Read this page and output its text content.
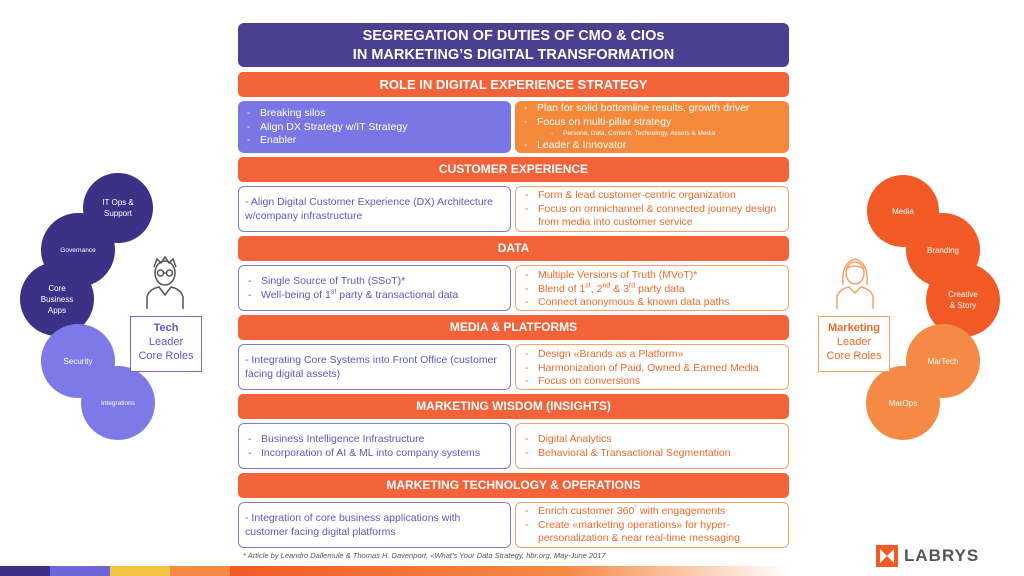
SEGREGATION OF DUTIES OF CMO & CIOs
IN MARKETING’S DIGITAL TRANSFORMATION
ROLE IN DIGITAL EXPERIENCE STRATEGY
- Breaking silos
- Align DX Strategy w/IT Strategy
- Enabler
- Plan for solid bottomline results, growth driver
- Focus on multi-pillar strategy
- Persona, Data, Content, Technology, Assets & Media
- Leader & Innovator
CUSTOMER EXPERIENCE
- Align Digital Customer Experience (DX) Architecture w/company infrastructure
- Form & lead customer-centric organization
- Focus on omnichannel & connected journey design from media into customer service
DATA
- Single Source of Truth (SSoT)*
- Well-being of 1st party & transactional data
- Multiple Versions of Truth (MVoT)*
- Blend of 1st, 2nd & 3rd party data
- Connect anonymous & known data paths
MEDIA & PLATFORMS
- Integrating Core Systems into Front Office (customer facing digital assets)
- Design «Brands as a Platform»
- Harmonization of Paid, Owned & Earned Media
- Focus on conversions
MARKETING WISDOM (INSIGHTS)
- Business Intelligence Infrastructure
- Incorporation of AI & ML into company systems
- Digital Analytics
- Behavioral & Transactional Segmentation
MARKETING TECHNOLOGY & OPERATIONS
- Integration of core business applications with customer facing digital platforms
- Enrich customer 360° with engagements
- Create «marketing operations» for hyper-personalization & near real-time messaging
IT Ops & Support
Governance
Core Business Apps
Security
Integrations
Tech
Leader
Core Roles
Media
Branding
Creative & Story
MarTech
MarOps
Marketing
Leader
Core Roles
* Article by Leandro Dallemule & Thomas H. Davenport, «What’s Your Data Strategy, hbr.org, May-June 2017	LABRYS
